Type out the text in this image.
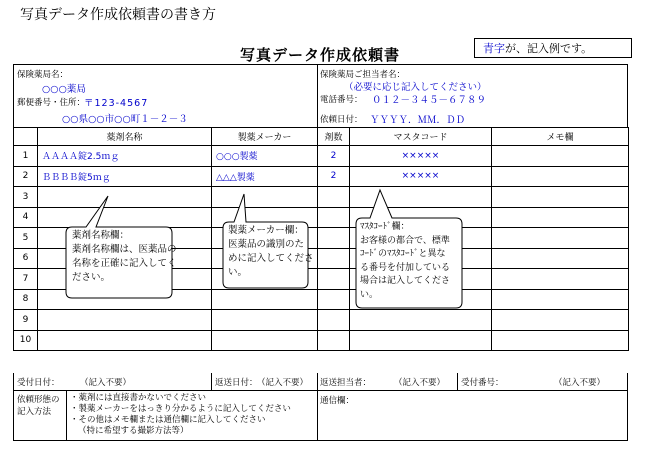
写真データ作成依頼書の書き方
写真データ作成依頼書	青字が、記入例です。
保険薬局名：
○○○薬局
郵便番号・住所：
〒123-4567
○○県○○市○○町１－２－３
保険薬局ご担当者名：
（必要に応じ記入してください）
電話番号： ０１２－３４５－６７８９
依頼日付： ＹＹＹＹ．ＭＭ．ＤＤ
	薬剤名称	製薬メーカー	剤数	マスタコード	メモ欄
1	ＡＡＡＡ錠2.5ｍｇ	○○○製薬	2	×××××	
2	ＢＢＢＢ錠5ｍｇ	△△△製薬	2	×××××	
3					
4					
5					
6					
7					
8					
9					
10					
受付日付： （記入不要）	返送日付： （記入不要） 返送担当者：	（記入不要） 受付番号：	（記入不要）
依頼形態の
記入方法
・薬剤には直接書かないでください
・製薬メーカーをはっきり分かるように記入してください
・その他はメモ欄または通信欄に記入してください
（特に希望する撮影方法等）
通信欄：
薬剤名称欄：
薬剤名称欄は、医薬品の
名称を正確に記入してく
ださい。
製薬メーカー欄：
医薬品の識別のた
めに記入してくださ
い。
ﾏｽﾀｺｰﾄﾞ欄：
お客様の都合で、標準
ｺｰﾄﾞのﾏｽﾀｺｰﾄﾞと異な
る番号を付加している
場合は記入してくださ
い。
